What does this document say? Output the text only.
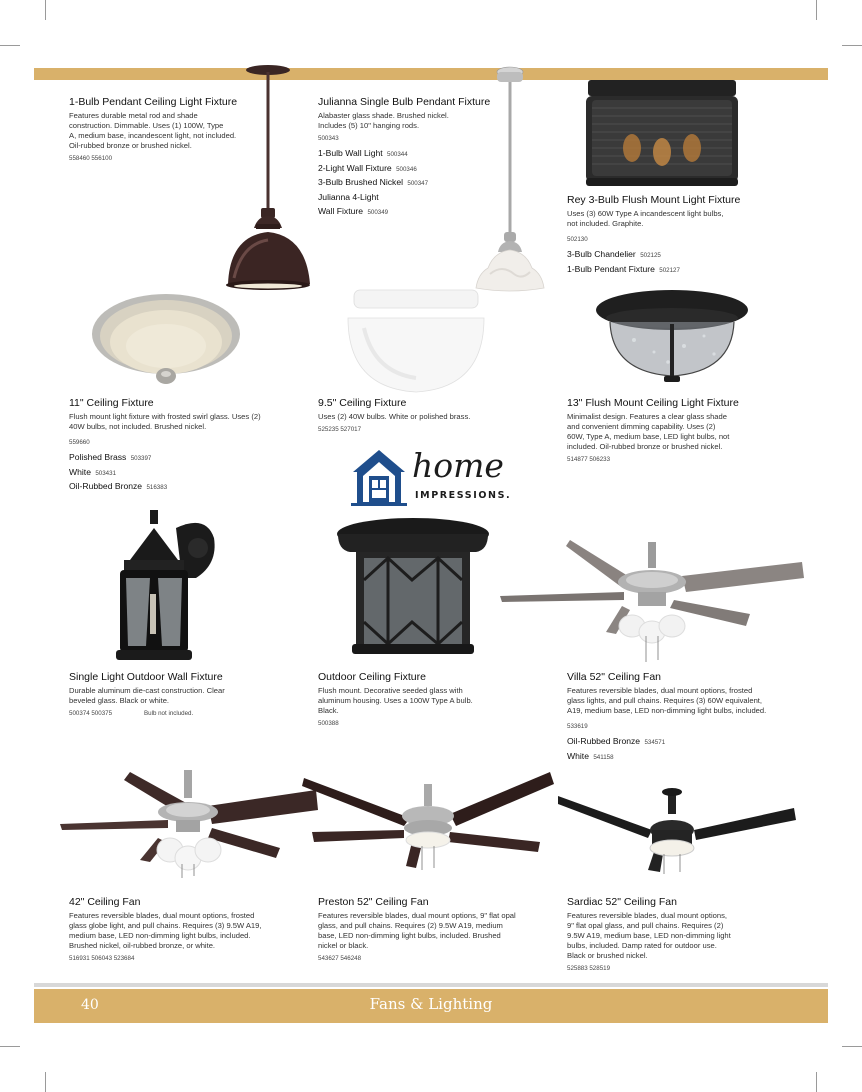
home
IMPRESSIONS.
1-Bulb Pendant Ceiling Light Fixture
Features durable metal rod and shade
construction. Dimmable. Uses (1) 100W, Type
A, medium base, incandescent light, not included.
Oil-rubbed bronze or brushed nickel.
558460 556100
Julianna Single Bulb Pendant Fixture
Alabaster glass shade. Brushed nickel.
Includes (5) 10" hanging rods.
500343
1-Bulb Wall Light 500344
2-Light Wall Fixture 500346
3-Bulb Brushed Nickel 500347
Julianna 4-Light
Wall Fixture 500349
Rey 3-Bulb Flush Mount Light Fixture
Uses (3) 60W Type A incandescent light bulbs,
not included. Graphite.
502130
3-Bulb Chandelier 502125
1-Bulb Pendant Fixture 502127
11" Ceiling Fixture
Flush mount light fixture with frosted swirl glass. Uses (2)
40W bulbs, not included. Brushed nickel.
559660
Polished Brass 503397
White 503431
Oil-Rubbed Bronze 516383
9.5" Ceiling Fixture
Uses (2) 40W bulbs. White or polished brass.
525235 527017
13" Flush Mount Ceiling Light Fixture
Minimalist design. Features a clear glass shade
and convenient dimming capability. Uses (2)
60W, Type A, medium base, LED light bulbs, not
included. Oil-rubbed bronze or brushed nickel.
514877 506233
Single Light Outdoor Wall Fixture
Durable aluminum die-cast construction. Clear
beveled glass. Black or white.
500374 500375	Bulb not included.
Outdoor Ceiling Fixture
Flush mount. Decorative seeded glass with
aluminum housing. Uses a 100W Type A bulb.
Black.
500388
Villa 52" Ceiling Fan
Features reversible blades, dual mount options, frosted
glass lights, and pull chains. Requires (3) 60W equivalent,
A19, medium base, LED non-dimming light bulbs, included.
533619
Oil-Rubbed Bronze 534571
White 541158
42" Ceiling Fan
Features reversible blades, dual mount options, frosted
glass globe light, and pull chains. Requires (3) 9.5W A19,
medium base, LED non-dimming light bulbs, included.
Brushed nickel, oil-rubbed bronze, or white.
516931 506043 523684
Preston 52" Ceiling Fan
Features reversible blades, dual mount options, 9" flat opal
glass, and pull chains. Requires (2) 9.5W A19, medium
base, LED non-dimming light bulbs, included. Brushed
nickel or black.
543627 546248
Sardiac 52" Ceiling Fan
Features reversible blades, dual mount options,
9" flat opal glass, and pull chains. Requires (2)
9.5W A19, medium base, LED non-dimming light
bulbs, included. Damp rated for outdoor use.
Black or brushed nickel.
525883 528519
40	Fans & Lighting
